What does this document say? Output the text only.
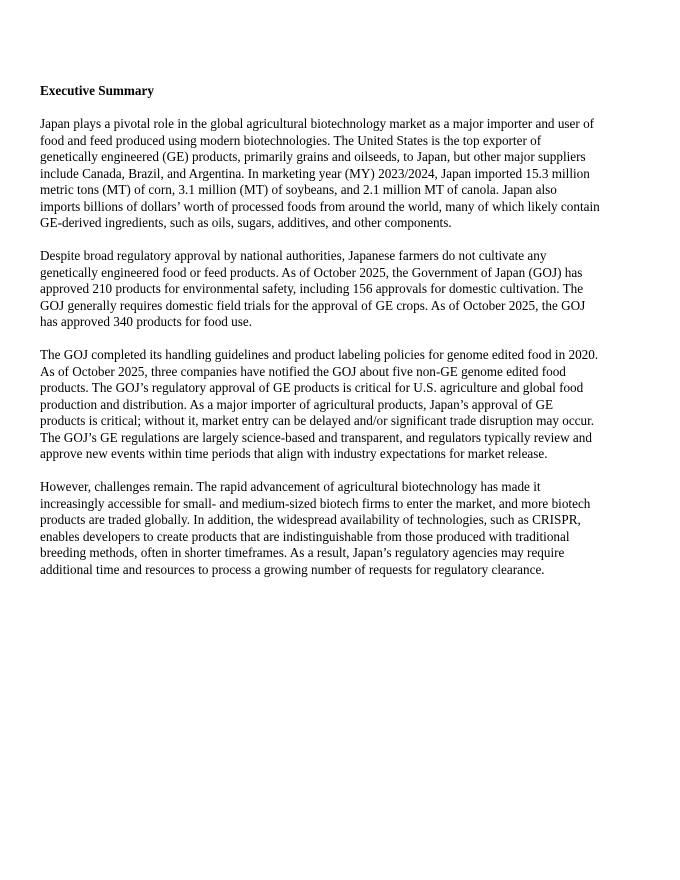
Executive Summary

Japan plays a pivotal role in the global agricultural biotechnology market as a major importer and user of food and feed produced using modern biotechnologies. The United States is the top exporter of genetically engineered (GE) products, primarily grains and oilseeds, to Japan, but other major suppliers include Canada, Brazil, and Argentina. In marketing year (MY) 2023/2024, Japan imported 15.3 million metric tons (MT) of corn, 3.1 million (MT) of soybeans, and 2.1 million MT of canola. Japan also imports billions of dollars’ worth of processed foods from around the world, many of which likely contain GE-derived ingredients, such as oils, sugars, additives, and other components.

Despite broad regulatory approval by national authorities, Japanese farmers do not cultivate any genetically engineered food or feed products. As of October 2025, the Government of Japan (GOJ) has approved 210 products for environmental safety, including 156 approvals for domestic cultivation. The GOJ generally requires domestic field trials for the approval of GE crops. As of October 2025, the GOJ has approved 340 products for food use.

The GOJ completed its handling guidelines and product labeling policies for genome edited food in 2020. As of October 2025, three companies have notified the GOJ about five non-GE genome edited food products. The GOJ’s regulatory approval of GE products is critical for U.S. agriculture and global food production and distribution. As a major importer of agricultural products, Japan’s approval of GE products is critical; without it, market entry can be delayed and/or significant trade disruption may occur. The GOJ’s GE regulations are largely science-based and transparent, and regulators typically review and approve new events within time periods that align with industry expectations for market release.

However, challenges remain. The rapid advancement of agricultural biotechnology has made it increasingly accessible for small- and medium-sized biotech firms to enter the market, and more biotech products are traded globally. In addition, the widespread availability of technologies, such as CRISPR, enables developers to create products that are indistinguishable from those produced with traditional breeding methods, often in shorter timeframes. As a result, Japan’s regulatory agencies may require additional time and resources to process a growing number of requests for regulatory clearance.
